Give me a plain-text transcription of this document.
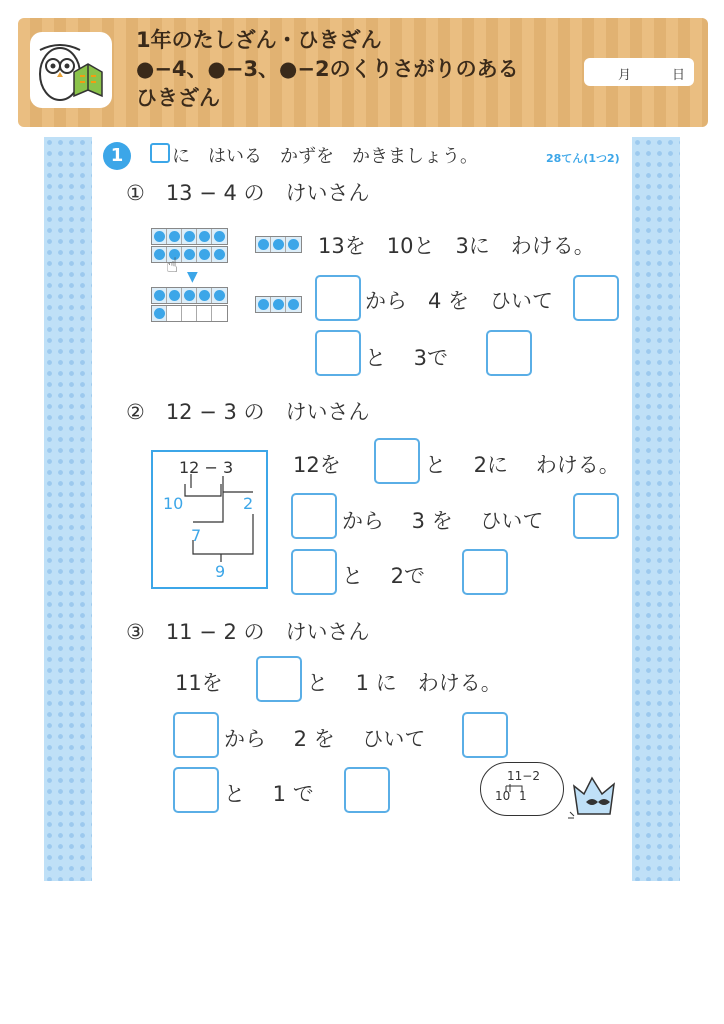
1年のたしざん・ひきざん
●−4、●−3、●−2のくりさがりのある
ひきざん
月	日
1	に　はいる　かずを　かきましょう。	28てん(1つ2)
①　13 − 4 の　けいさん
☝ ▼
13を　10と　3に　わける。
から　4 を　ひいて
と　 3で
②　12 − 3 の　けいさん
12 − 3
10	2
7
9
12を	と　 2に　 わける。
から　 3 を　 ひいて
と　 2で
③　11 − 2 の　けいさん
11を	と　 1 に　わける。
から　 2 を　 ひいて
と　 1 で
11−2
10 1
